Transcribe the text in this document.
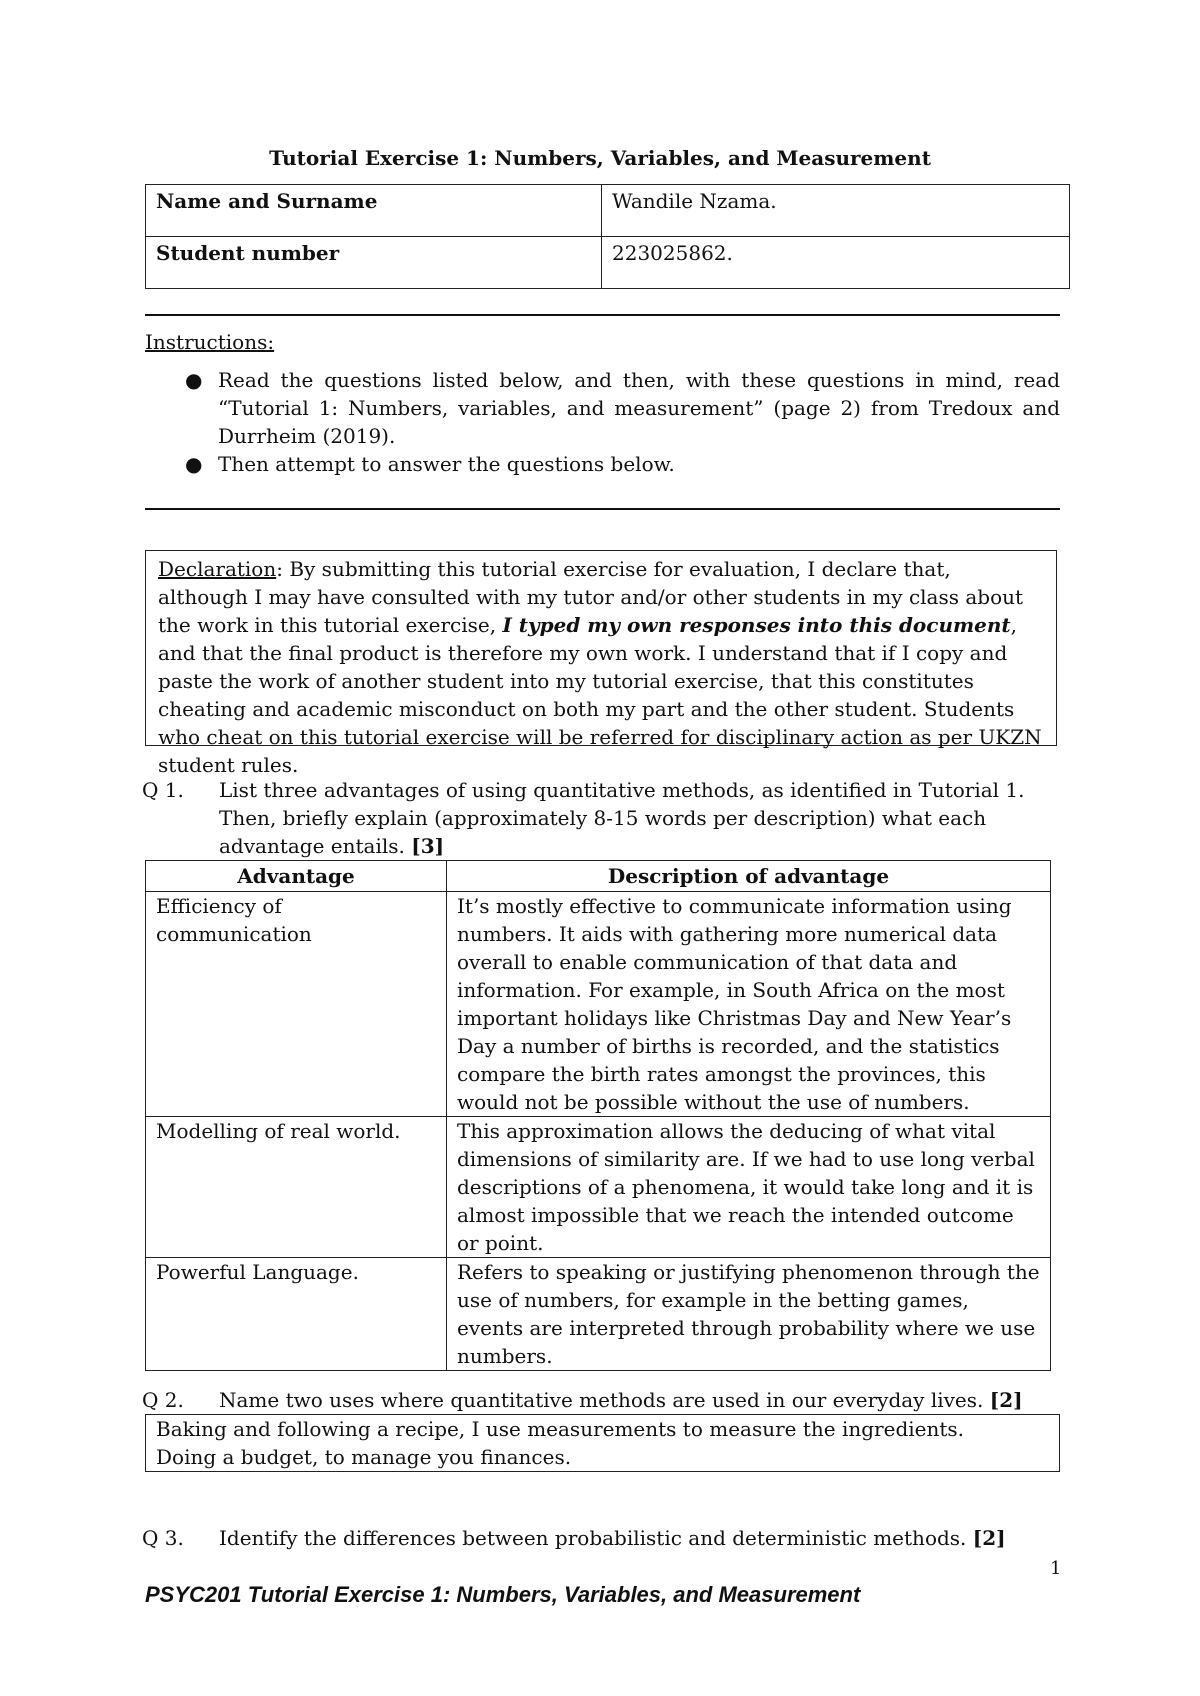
Tutorial Exercise 1: Numbers, Variables, and Measurement
Name and Surname	Wandile Nzama.
Student number	223025862.
Instructions:
● Read the questions listed below, and then, with these questions in mind, read “Tutorial 1: Numbers, variables, and measurement” (page 2) from Tredoux and Durrheim (2019).
● Then attempt to answer the questions below.
Declaration: By submitting this tutorial exercise for evaluation, I declare that, although I may have consulted with my tutor and/or other students in my class about the work in this tutorial exercise, I typed my own responses into this document, and that the final product is therefore my own work. I understand that if I copy and paste the work of another student into my tutorial exercise, that this constitutes cheating and academic misconduct on both my part and the other student. Students who cheat on this tutorial exercise will be referred for disciplinary action as per UKZN student rules.
Q 1.	List three advantages of using quantitative methods, as identified in Tutorial 1. Then, briefly explain (approximately 8-15 words per description) what each advantage entails. [3]
Advantage	Description of advantage
Efficiency of communication	It’s mostly effective to communicate information using numbers. It aids with gathering more numerical data overall to enable communication of that data and information. For example, in South Africa on the most important holidays like Christmas Day and New Year’s Day a number of births is recorded, and the statistics compare the birth rates amongst the provinces, this would not be possible without the use of numbers.
Modelling of real world.	This approximation allows the deducing of what vital dimensions of similarity are. If we had to use long verbal descriptions of a phenomena, it would take long and it is almost impossible that we reach the intended outcome or point.
Powerful Language.	Refers to speaking or justifying phenomenon through the use of numbers, for example in the betting games, events are interpreted through probability where we use numbers.
Q 2.	Name two uses where quantitative methods are used in our everyday lives. [2]
Baking and following a recipe, I use measurements to measure the ingredients.
Doing a budget, to manage you finances.
Q 3.	Identify the differences between probabilistic and deterministic methods. [2]
1
PSYC201 Tutorial Exercise 1: Numbers, Variables, and Measurement
